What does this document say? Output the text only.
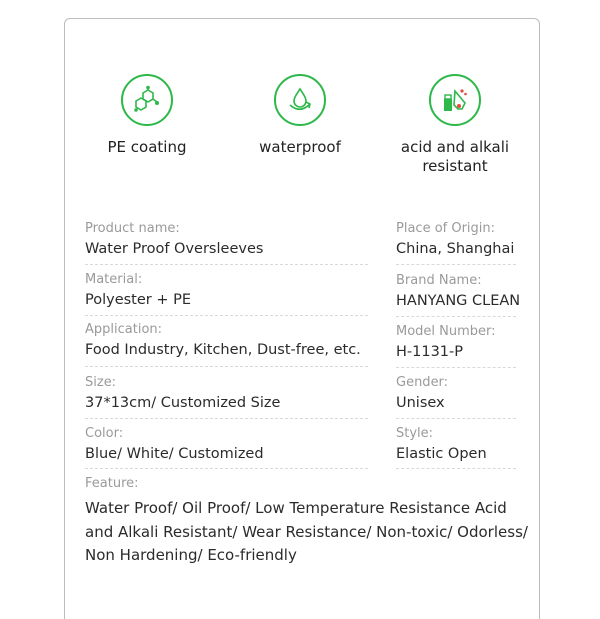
PE coating	waterproof	acid and alkali
resistant
Product name:
Water Proof Oversleeves
Material:
Polyester + PE
Application:
Food Industry, Kitchen, Dust-free, etc.
Size:
37*13cm/ Customized Size
Color:
Blue/ White/ Customized
Place of Origin:
China, Shanghai
Brand Name:
HANYANG CLEAN
Model Number:
H-1131-P
Gender:
Unisex
Style:
Elastic Open
Feature:
Water Proof/ Oil Proof/ Low Temperature Resistance Acid and Alkali Resistant/ Wear Resistance/ Non-toxic/ Odorless/ Non Hardening/ Eco-friendly
